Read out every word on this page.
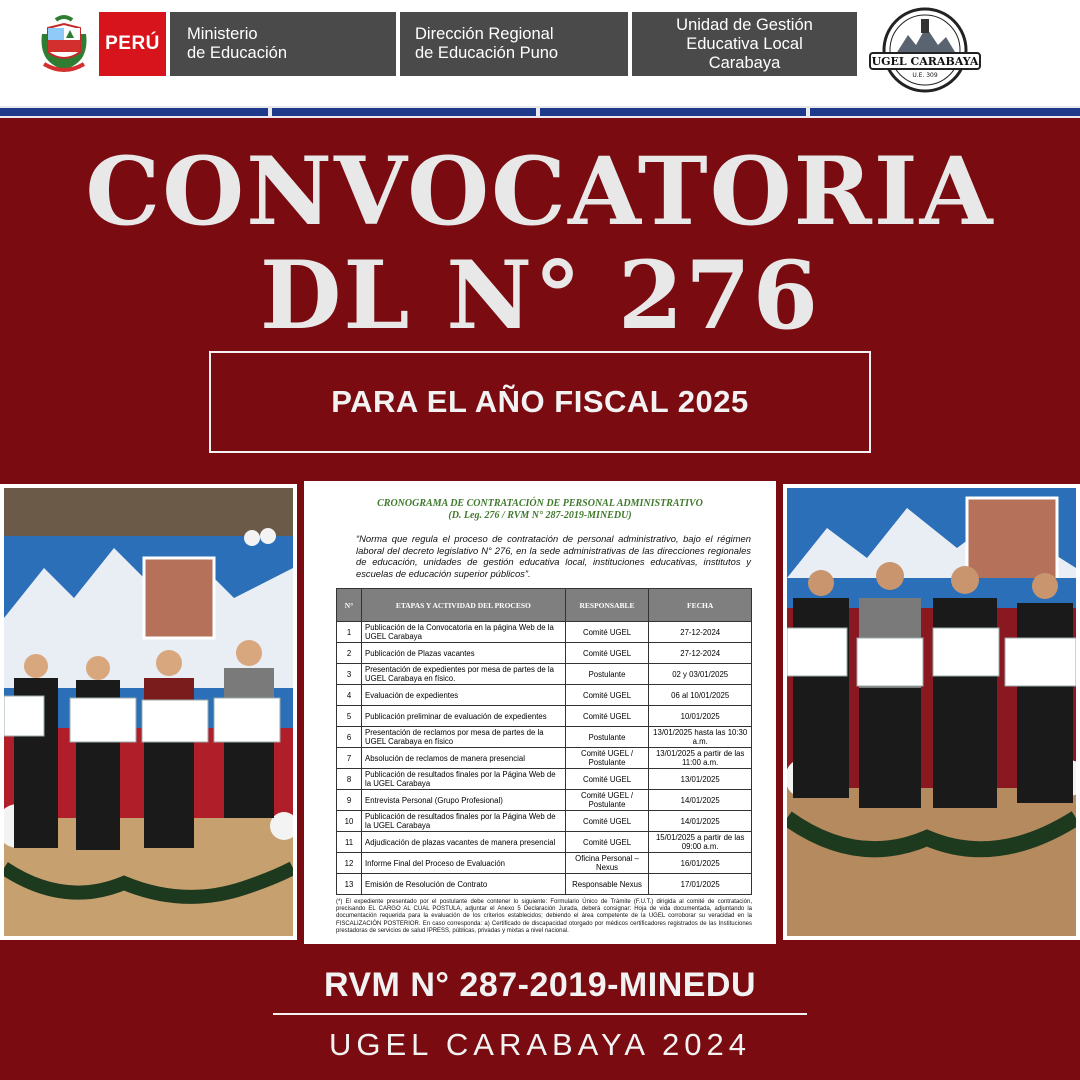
PERÚ	Ministerio
de Educación
Dirección Regional
de Educación Puno
Unidad de Gestión
Educativa Local
Carabaya	UGEL CARABAYA
U.E. 309
CONVOCATORIA
DL N° 276
PARA EL AÑO FISCAL 2025
CRONOGRAMA DE CONTRATACIÓN DE PERSONAL ADMINISTRATIVO
(D. Leg. 276 / RVM N° 287-2019-MINEDU)
“Norma que regula el proceso de contratación de personal administrativo, bajo el régimen laboral del decreto legislativo N° 276, en la sede administrativas de las direcciones regionales de educación, unidades de gestión educativa local, instituciones educativas, institutos y escuelas de educación superior públicos”.
N°	ETAPAS Y ACTIVIDAD DEL PROCESO	RESPONSABLE	FECHA
1	Publicación de la Convocatoria en la página Web de la UGEL Carabaya	Comité UGEL	27-12-2024
2	Publicación de Plazas vacantes	Comité UGEL	27-12-2024
3	Presentación de expedientes por mesa de partes de la UGEL Carabaya en físico.	Postulante	02 y 03/01/2025
4	Evaluación de expedientes	Comité UGEL	06 al 10/01/2025
5	Publicación preliminar de evaluación de expedientes	Comité UGEL	10/01/2025
6	Presentación de reclamos por mesa de partes de la UGEL Carabaya en físico	Postulante	13/01/2025 hasta las 10:30 a.m.
7	Absolución de reclamos de manera presencial	Comité UGEL / Postulante	13/01/2025 a partir de las 11:00 a.m.
8	Publicación de resultados finales por la Página Web de la UGEL Carabaya	Comité UGEL	13/01/2025
9	Entrevista Personal (Grupo Profesional)	Comité UGEL / Postulante	14/01/2025
10	Publicación de resultados finales por la Página Web de la UGEL Carabaya	Comité UGEL	14/01/2025
11	Adjudicación de plazas vacantes de manera presencial	Comité UGEL	15/01/2025 a partir de las 09:00 a.m.
12	Informe Final del Proceso de Evaluación	Oficina Personal – Nexus	16/01/2025
13	Emisión de Resolución de Contrato	Responsable Nexus	17/01/2025
(*) El expediente presentado por el postulante debe contener lo siguiente: Formulario Único de Trámite (F.U.T.) dirigida al comité de contratación, precisando EL CARGO AL CUAL POSTULA, adjuntar el Anexo 5 Declaración Jurada, deberá consignar: Hoja de vida documentada, adjuntando la documentación requerida para la evaluación de los criterios establecidos; debiendo el área competente de la UGEL corroborar su veracidad en la FISCALIZACIÓN POSTERIOR. En caso corresponda: a) Certificado de discapacidad otorgado por médicos certificadores registrados de las Instituciones prestadoras de servicios de salud IPRESS, públicas, privadas y mixtas a nivel nacional.
RVM N° 287-2019-MINEDU
UGEL CARABAYA 2024
